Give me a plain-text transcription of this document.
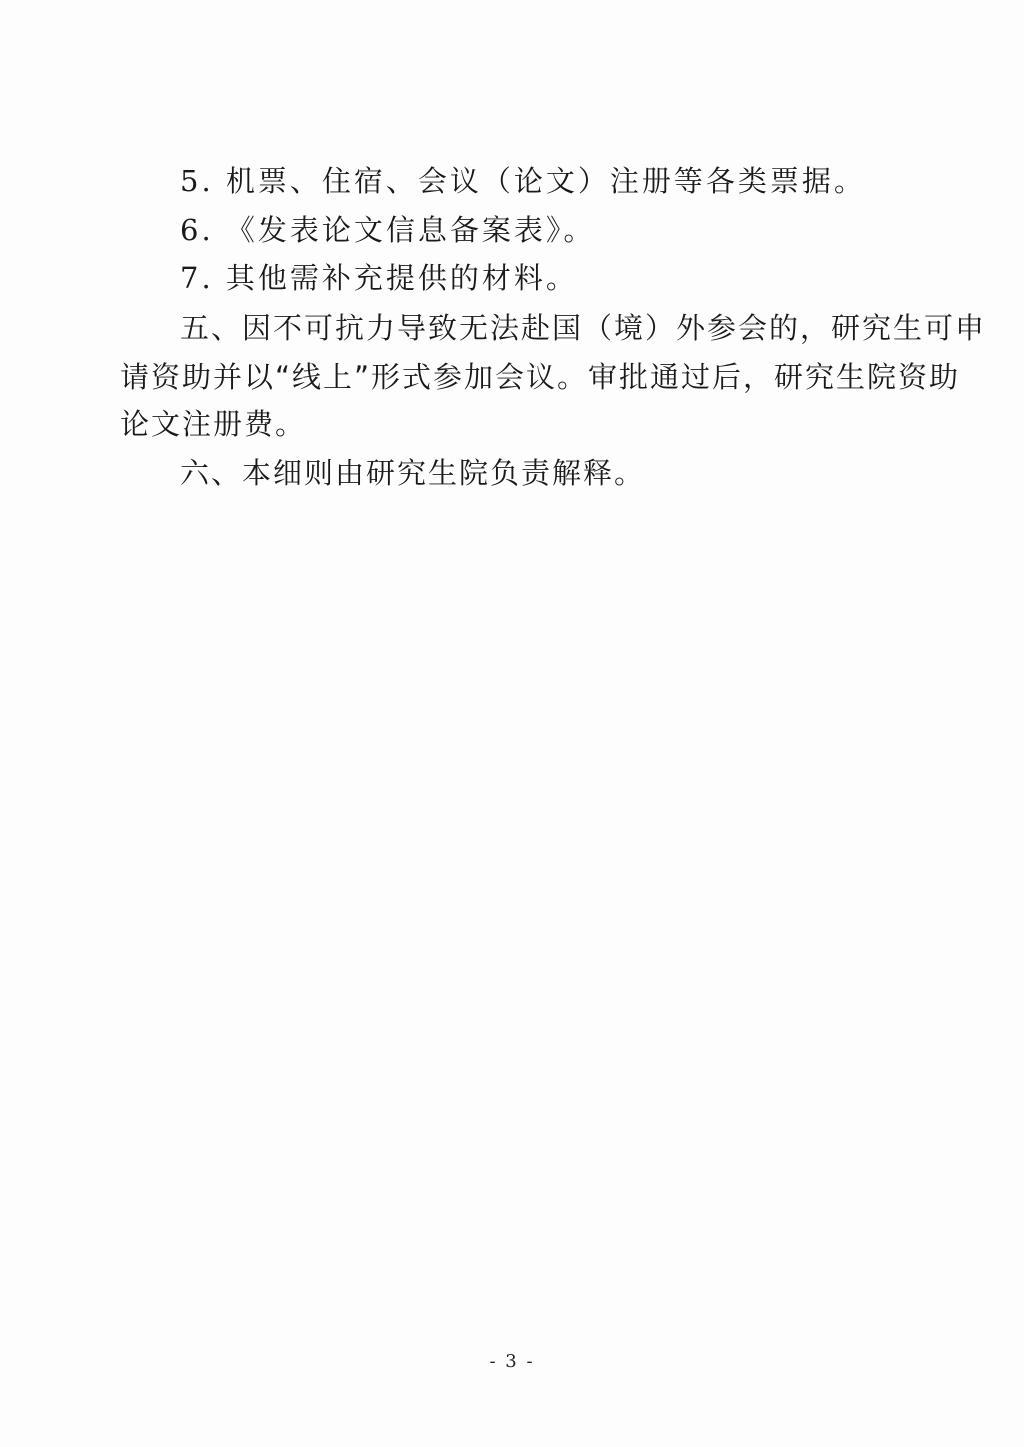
5. 机票、住宿、会议（论文）注册等各类票据。
6. 《发表论文信息备案表》。
7. 其他需补充提供的材料。
五、因不可抗力导致无法赴国（境）外参会的，研究生可申
请资助并以“线上”形式参加会议。审批通过后，研究生院资助
论文注册费。
六、本细则由研究生院负责解释。
- 3 -
